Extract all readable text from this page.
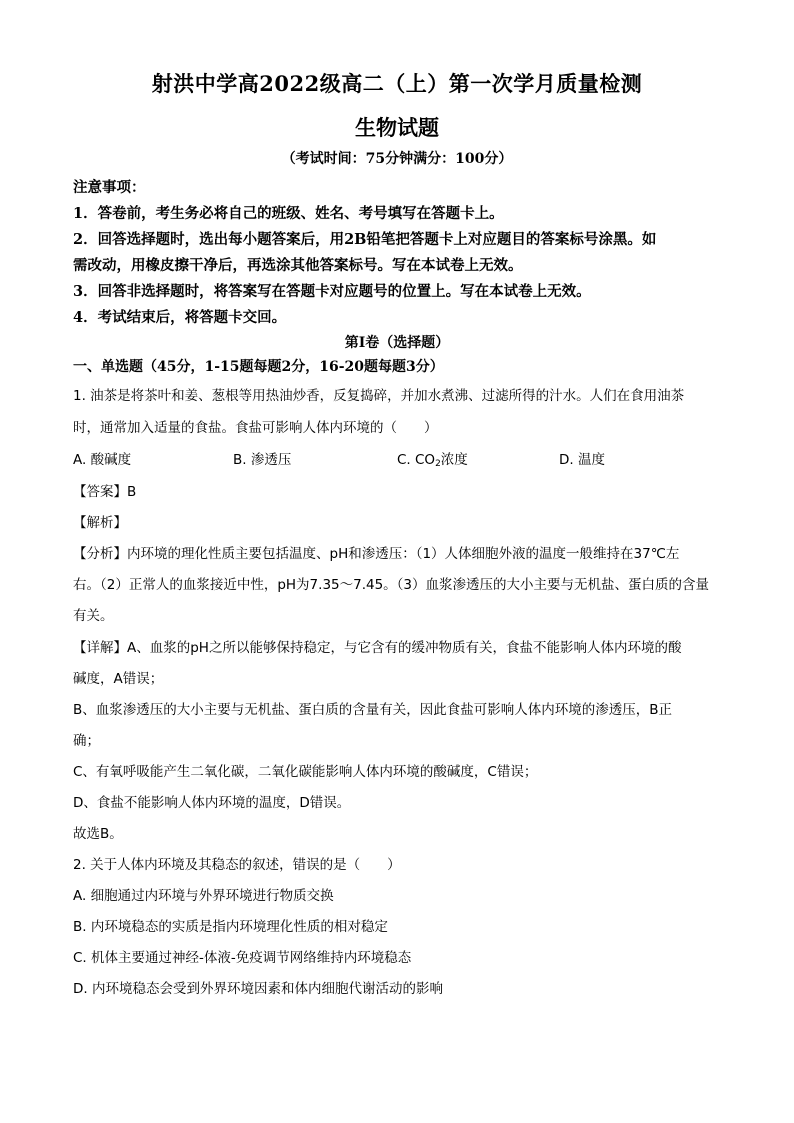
射洪中学高2022级高二（上）第一次学月质量检测
生物试题
（考试时间：75分钟满分：100分）
注意事项：
1．答卷前，考生务必将自己的班级、姓名、考号填写在答题卡上。
2．回答选择题时，选出每小题答案后，用2B铅笔把答题卡上对应题目的答案标号涂黑。如
需改动，用橡皮擦干净后，再选涂其他答案标号。写在本试卷上无效。
3．回答非选择题时，将答案写在答题卡对应题号的位置上。写在本试卷上无效。
4．考试结束后，将答题卡交回。
第I卷（选择题）
一、单选题（45分，1-15题每题2分，16-20题每题3分）
1. 油茶是将茶叶和姜、葱根等用热油炒香，反复捣碎，并加水煮沸、过滤所得的汁水。人们在食用油茶
时，通常加入适量的食盐。食盐可影响人体内环境的（　　）
A. 酸碱度	B. 渗透压	C. $CO_2$浓度	D. 温度
【答案】B
【解析】
【分析】内环境的理化性质主要包括温度、pH和渗透压：（1）人体细胞外液的温度一般维持在37℃左
右。（2）正常人的血浆接近中性，pH为7.35～7.45。（3）血浆渗透压的大小主要与无机盐、蛋白质的含量
有关。
【详解】A、血浆的pH之所以能够保持稳定，与它含有的缓冲物质有关，食盐不能影响人体内环境的酸
碱度，A错误；
B、血浆渗透压的大小主要与无机盐、蛋白质的含量有关，因此食盐可影响人体内环境的渗透压，B正
确；
C、有氧呼吸能产生二氧化碳，二氧化碳能影响人体内环境的酸碱度，C错误；
D、食盐不能影响人体内环境的温度，D错误。
故选B。
2. 关于人体内环境及其稳态的叙述，错误的是（　　）
A. 细胞通过内环境与外界环境进行物质交换
B. 内环境稳态的实质是指内环境理化性质的相对稳定
C. 机体主要通过神经-体液-免疫调节网络维持内环境稳态
D. 内环境稳态会受到外界环境因素和体内细胞代谢活动的影响
